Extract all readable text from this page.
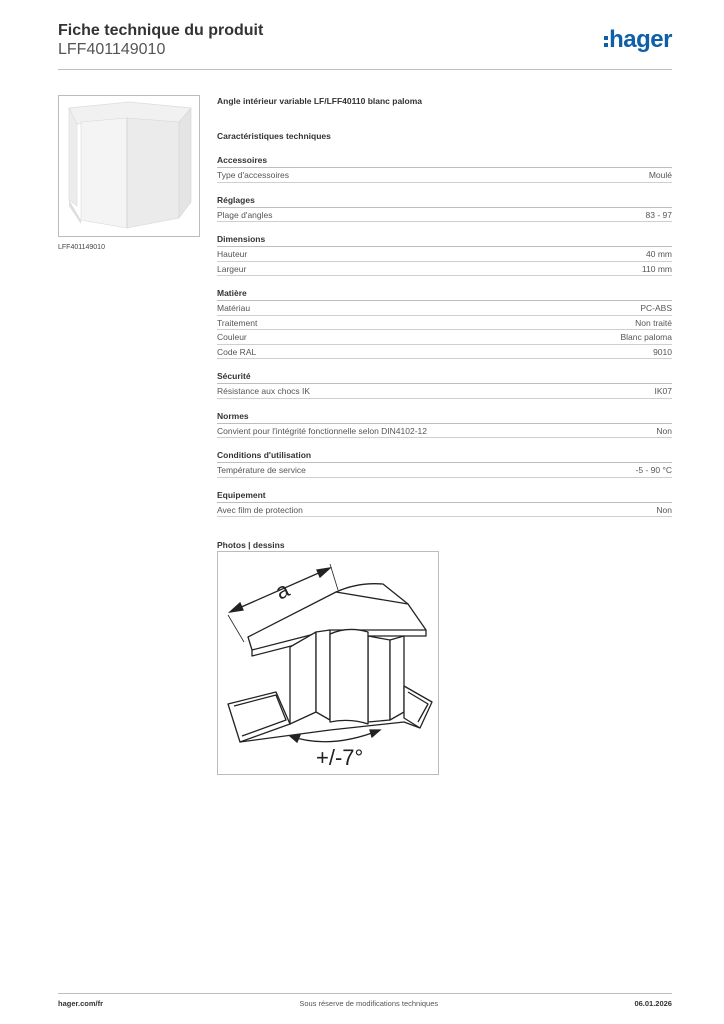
Fiche technique du produit
LFF401149010	hager
LFF401149010
Angle intérieur variable LF/LFF40110 blanc paloma
Caractéristiques techniques
Accessoires
Type d'accessoires	Moulé
Réglages
Plage d'angles	83 - 97
Dimensions
Hauteur	40 mm
Largeur	110 mm
Matière
Matériau	PC-ABS
Traitement	Non traité
Couleur	Blanc paloma
Code RAL	9010
Sécurité
Résistance aux chocs IK	IK07
Normes
Convient pour l'intégrité fonctionnelle selon DIN4102-12	Non
Conditions d'utilisation
Température de service	-5 - 90 °C
Equipement
Avec film de protection	Non
Photos | dessins
a
+/-7°
hager.com/fr	Sous réserve de modifications techniques	06.01.2026
